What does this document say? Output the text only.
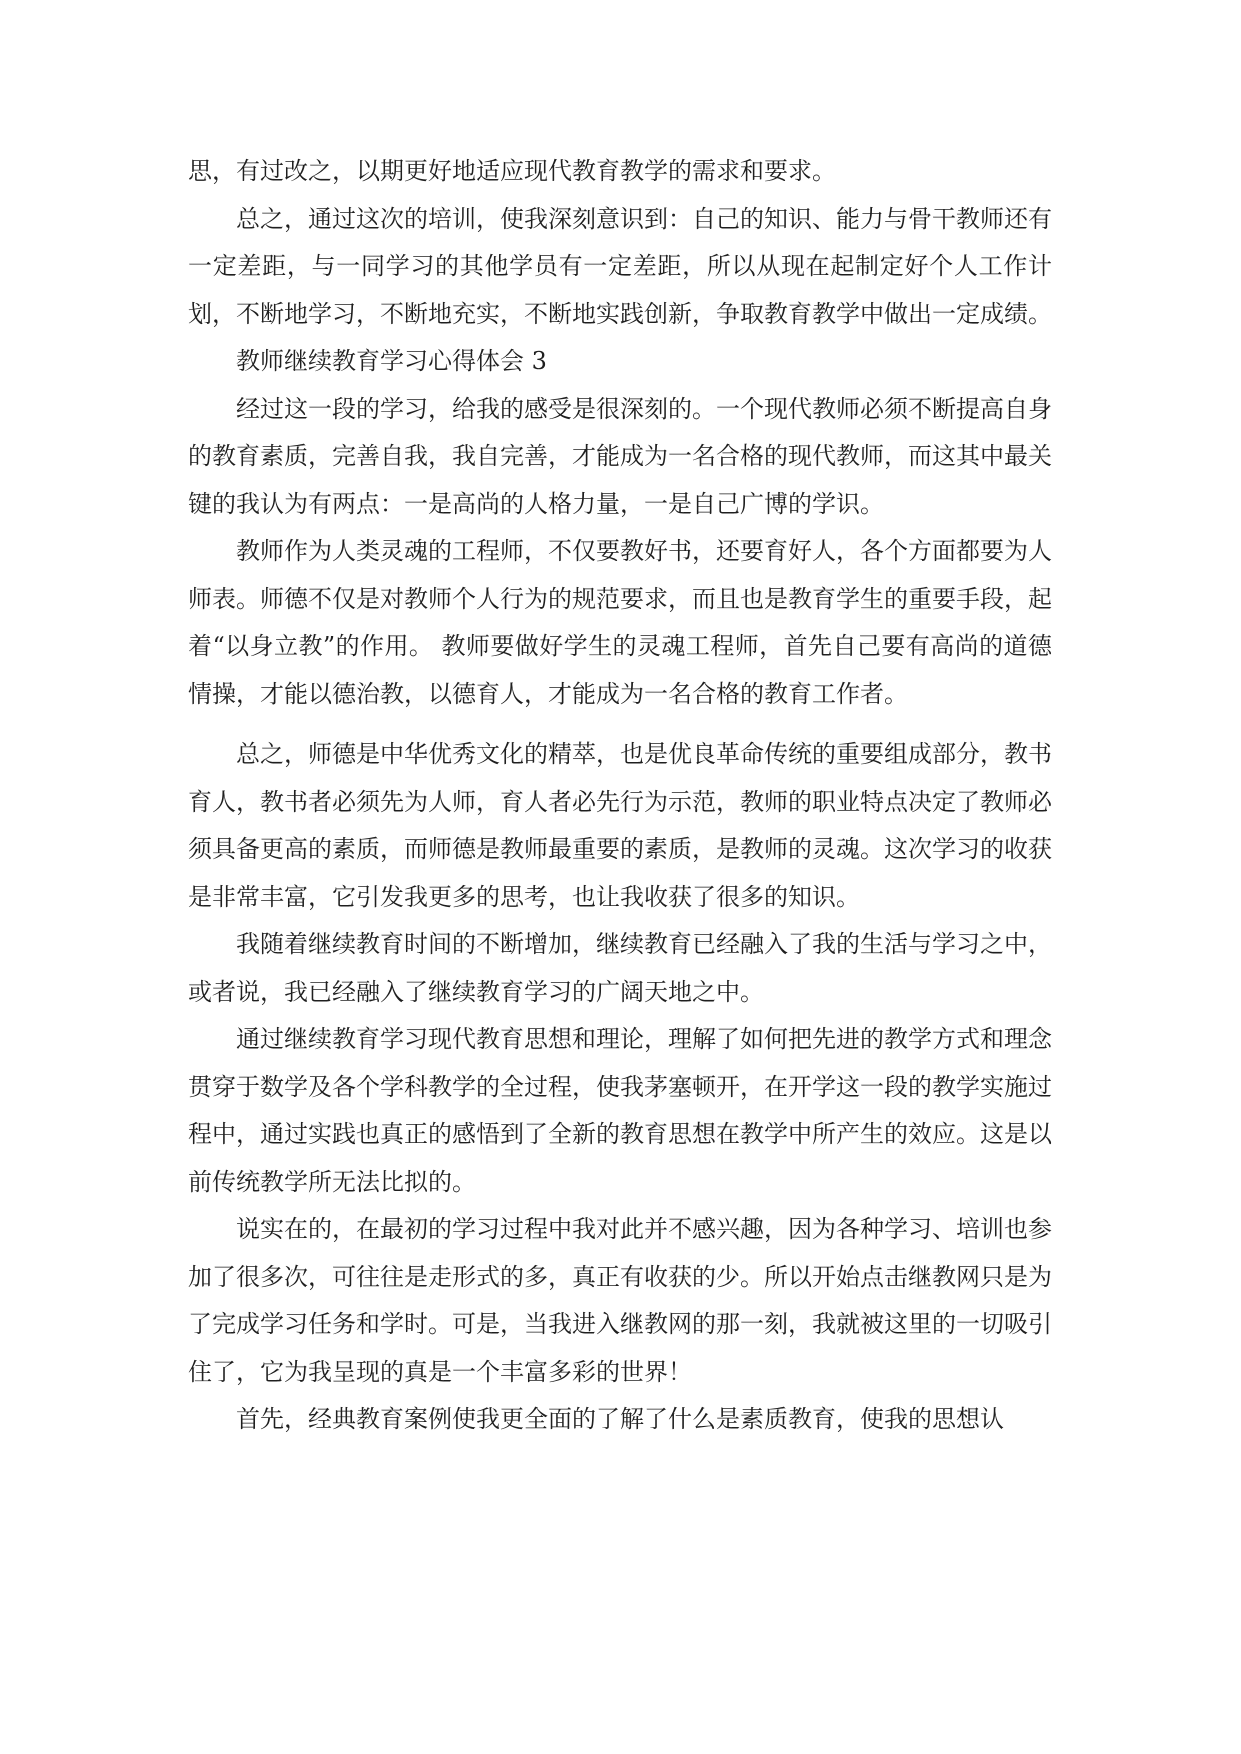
思，有过改之，以期更好地适应现代教育教学的需求和要求。

总之，通过这次的培训，使我深刻意识到：自己的知识、能力与骨干教师还有一定差距，与一同学习的其他学员有一定差距，所以从现在起制定好个人工作计划，不断地学习，不断地充实，不断地实践创新，争取教育教学中做出一定成绩。

教师继续教育学习心得体会 3

经过这一段的学习，给我的感受是很深刻的。一个现代教师必须不断提高自身的教育素质，完善自我，我自完善，才能成为一名合格的现代教师，而这其中最关键的我认为有两点：一是高尚的人格力量，一是自己广博的学识。

教师作为人类灵魂的工程师，不仅要教好书，还要育好人，各个方面都要为人师表。师德不仅是对教师个人行为的规范要求，而且也是教育学生的重要手段，起着“以身立教”的作用。 教师要做好学生的灵魂工程师，首先自己要有高尚的道德情操，才能以德治教，以德育人，才能成为一名合格的教育工作者。

总之，师德是中华优秀文化的精萃，也是优良革命传统的重要组成部分，教书育人，教书者必须先为人师，育人者必先行为示范，教师的职业特点决定了教师必须具备更高的素质，而师德是教师最重要的素质，是教师的灵魂。这次学习的收获是非常丰富，它引发我更多的思考，也让我收获了很多的知识。

我随着继续教育时间的不断增加，继续教育已经融入了我的生活与学习之中，或者说，我已经融入了继续教育学习的广阔天地之中。

通过继续教育学习现代教育思想和理论，理解了如何把先进的教学方式和理念贯穿于数学及各个学科教学的全过程，使我茅塞顿开，在开学这一段的教学实施过程中，通过实践也真正的感悟到了全新的教育思想在教学中所产生的效应。这是以前传统教学所无法比拟的。

说实在的，在最初的学习过程中我对此并不感兴趣，因为各种学习、培训也参加了很多次，可往往是走形式的多，真正有收获的少。所以开始点击继教网只是为了完成学习任务和学时。可是，当我进入继教网的那一刻，我就被这里的一切吸引住了，它为我呈现的真是一个丰富多彩的世界！

首先，经典教育案例使我更全面的了解了什么是素质教育，使我的思想认
